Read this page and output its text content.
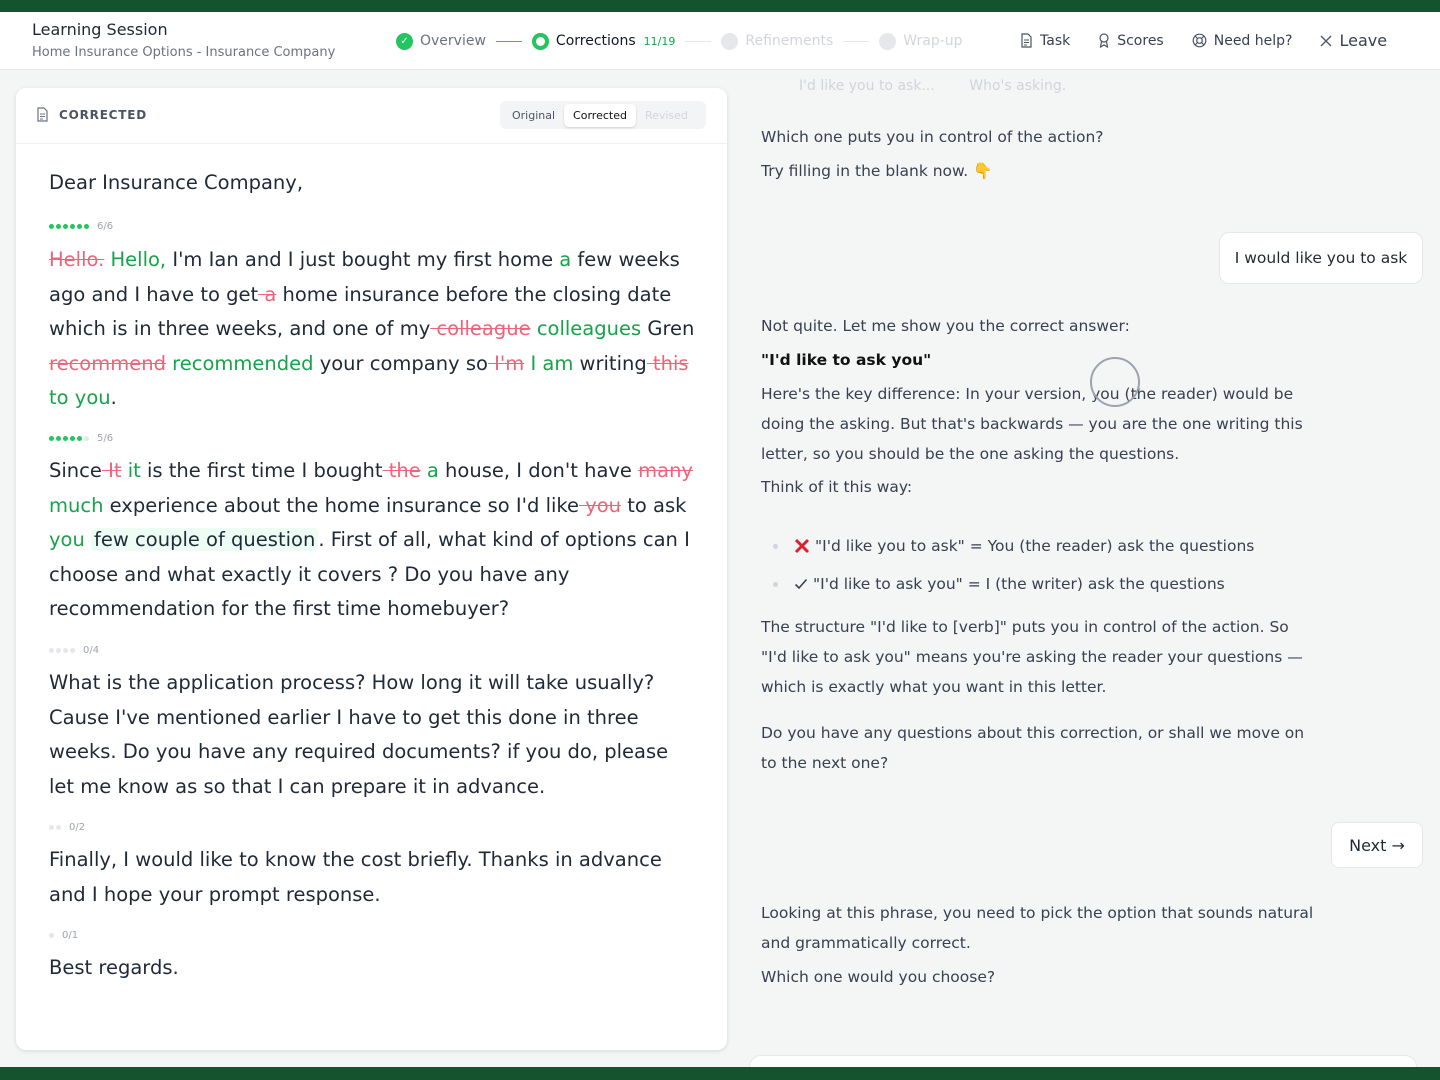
Learning Session
Home Insurance Options - Insurance Company
✓ Overview	Corrections 11/19	Refinements	Wrap-up	Task	Scores	Need help?	Leave
CORRECTED	Original	Corrected	Revised
Dear Insurance Company,
6/6
Hello. Hello, I'm Ian and I just bought my first home a few weeks ago and I have to get a home insurance before the closing date which is in three weeks, and one of my colleague colleagues Gren recommend recommended your company so I'm I am writing this to you.
5/6
Since It it is the first time I bought the a house, I don't have many much experience about the home insurance so I'd like you to ask you few couple of question . First of all, what kind of options can I choose and what exactly it covers ? Do you have any recommendation for the first time homebuyer?
0/4
What is the application process? How long it will take usually? Cause I've mentioned earlier I have to get this done in three weeks. Do you have any required documents? if you do, please let me know as so that I can prepare it in advance.
0/2
Finally, I would like to know the cost briefly. Thanks in advance and I hope your prompt response.
0/1
Best regards.
I'd like you to ask... Who's asking.
Which one puts you in control of the action?
Try filling in the blank now. 👇
I would like you to ask
Not quite. Let me show you the correct answer:
"I'd like to ask you"
Here's the key difference: In your version, you (the reader) would be doing the asking. But that's backwards — you are the one writing this letter, so you should be the one asking the questions.
Think of it this way:
"I'd like you to ask" = You (the reader) ask the questions
"I'd like to ask you" = I (the writer) ask the questions
The structure "I'd like to [verb]" puts you in control of the action. So "I'd like to ask you" means you're asking the reader your questions — which is exactly what you want in this letter.
Do you have any questions about this correction, or shall we move on to the next one?
Next →
Looking at this phrase, you need to pick the option that sounds natural and grammatically correct.
Which one would you choose?
